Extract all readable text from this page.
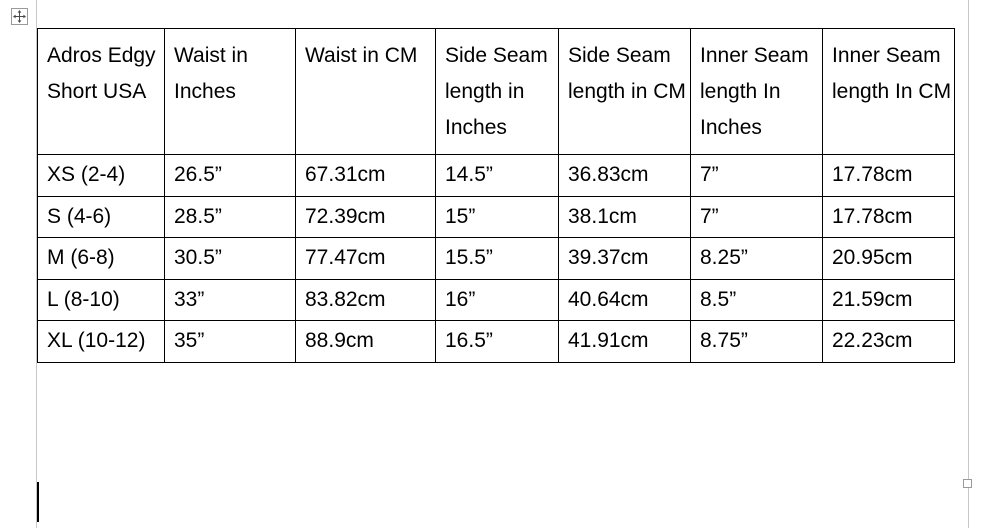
Adros Edgy Short USA	Waist in Inches	Waist in CM	Side Seam length in Inches	Side Seam length in CM	Inner Seam length In Inches	Inner Seam length In CM
XS (2-4)	26.5”	67.31cm	14.5”	36.83cm	7”	17.78cm
S (4-6)	28.5”	72.39cm	15”	38.1cm	7”	17.78cm
M (6-8)	30.5”	77.47cm	15.5”	39.37cm	8.25”	20.95cm
L (8-10)	33”	83.82cm	16”	40.64cm	8.5”	21.59cm
XL (10-12)	35”	88.9cm	16.5”	41.91cm	8.75”	22.23cm
